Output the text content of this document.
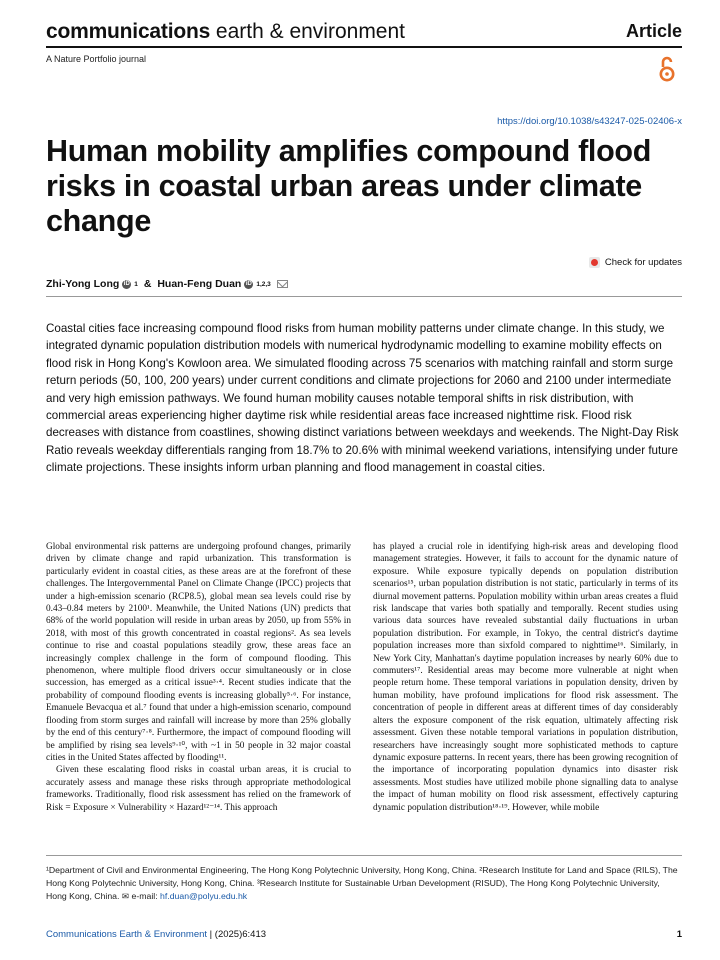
communications earth & environment	Article
A Nature Portfolio journal
https://doi.org/10.1038/s43247-025-02406-x
Human mobility amplifies compound flood risks in coastal urban areas under climate change
Check for updates
Zhi-Yong Long iD 1 & Huan-Feng Duan iD 1,2,3

Coastal cities face increasing compound flood risks from human mobility patterns under climate change. In this study, we integrated dynamic population distribution models with numerical hydrodynamic modelling to examine mobility effects on flood risk in Hong Kong's Kowloon area. We simulated flooding across 75 scenarios with matching rainfall and storm surge return periods (50, 100, 200 years) under current conditions and climate projections for 2060 and 2100 under intermediate and very high emission pathways. We found human mobility causes notable temporal shifts in risk distribution, with commercial areas experiencing higher daytime risk while residential areas face increased nighttime risk. Flood risk decreases with distance from coastlines, showing distinct variations between weekdays and weekends. The Night-Day Risk Ratio reveals weekday differentials ranging from 18.7% to 20.6% with minimal weekend variations, intensifying under future climate projections. These insights inform urban planning and flood management in coastal cities.

Global environmental risk patterns are undergoing profound changes, primarily driven by climate change and rapid urbanization. This transformation is particularly evident in coastal cities, as these areas are at the forefront of these challenges. The Intergovernmental Panel on Climate Change (IPCC) projects that under a high-emission scenario (RCP8.5), global mean sea levels could rise by 0.43–0.84 meters by 2100¹. Meanwhile, the United Nations (UN) predicts that 68% of the world population will reside in urban areas by 2050, up from 55% in 2018, with most of this growth concentrated in coastal regions². As sea levels continue to rise and coastal populations steadily grow, these areas face an increasingly complex challenge in the form of compound flooding. This phenomenon, where multiple flood drivers occur simultaneously or in close succession, has emerged as a critical issue³·⁴. Recent studies indicate that the probability of compound flooding events is increasing globally⁵·⁶. For instance, Emanuele Bevacqua et al.⁷ found that under a high-emission scenario, compound flooding from storm surges and rainfall will increase by more than 25% globally by the end of this century⁷·⁸. Furthermore, the impact of compound flooding will be amplified by rising sea levels⁹·¹⁰, with ~1 in 50 people in 32 major coastal cities in the United States affected by flooding¹¹.

Given these escalating flood risks in coastal urban areas, it is crucial to accurately assess and manage these risks through appropriate methodological frameworks. Traditionally, flood risk assessment has relied on the framework of Risk = Exposure × Vulnerability × Hazard¹²⁻¹⁴. This approach

has played a crucial role in identifying high-risk areas and developing flood management strategies. However, it fails to account for the dynamic nature of exposure. While exposure typically depends on population distribution scenarios¹⁵, urban population distribution is not static, particularly in terms of its diurnal movement patterns. Population mobility within urban areas creates a fluid risk landscape that varies both spatially and temporally. Recent studies using various data sources have revealed substantial daily fluctuations in urban population distribution. For example, in Tokyo, the central district's daytime population increases more than sixfold compared to nighttime¹⁶. Similarly, in New York City, Manhattan's daytime population increases by nearly 60% due to commuters¹⁷. Residential areas may become more vulnerable at night when people return home. These temporal variations in population density, driven by human mobility, have profound implications for flood risk assessment. The concentration of people in different areas at different times of day considerably alters the exposure component of the risk equation, ultimately affecting risk assessment. Given these notable temporal variations in population distribution, researchers have increasingly sought more sophisticated methods to capture dynamic exposure patterns. In recent years, there has been growing recognition of the importance of incorporating population dynamics into disaster risk assessments. Most studies have utilized mobile phone signalling data to analyse the impact of human mobility on flood risk assessment, effectively capturing dynamic population distribution¹⁸·¹⁹. However, while mobile

¹Department of Civil and Environmental Engineering, The Hong Kong Polytechnic University, Hong Kong, China. ²Research Institute for Land and Space (RILS), The Hong Kong Polytechnic University, Hong Kong, China. ³Research Institute for Sustainable Urban Development (RISUD), The Hong Kong Polytechnic University, Hong Kong, China. ✉ e-mail: hf.duan@polyu.edu.hk
Communications Earth & Environment | (2025)6:413	1
